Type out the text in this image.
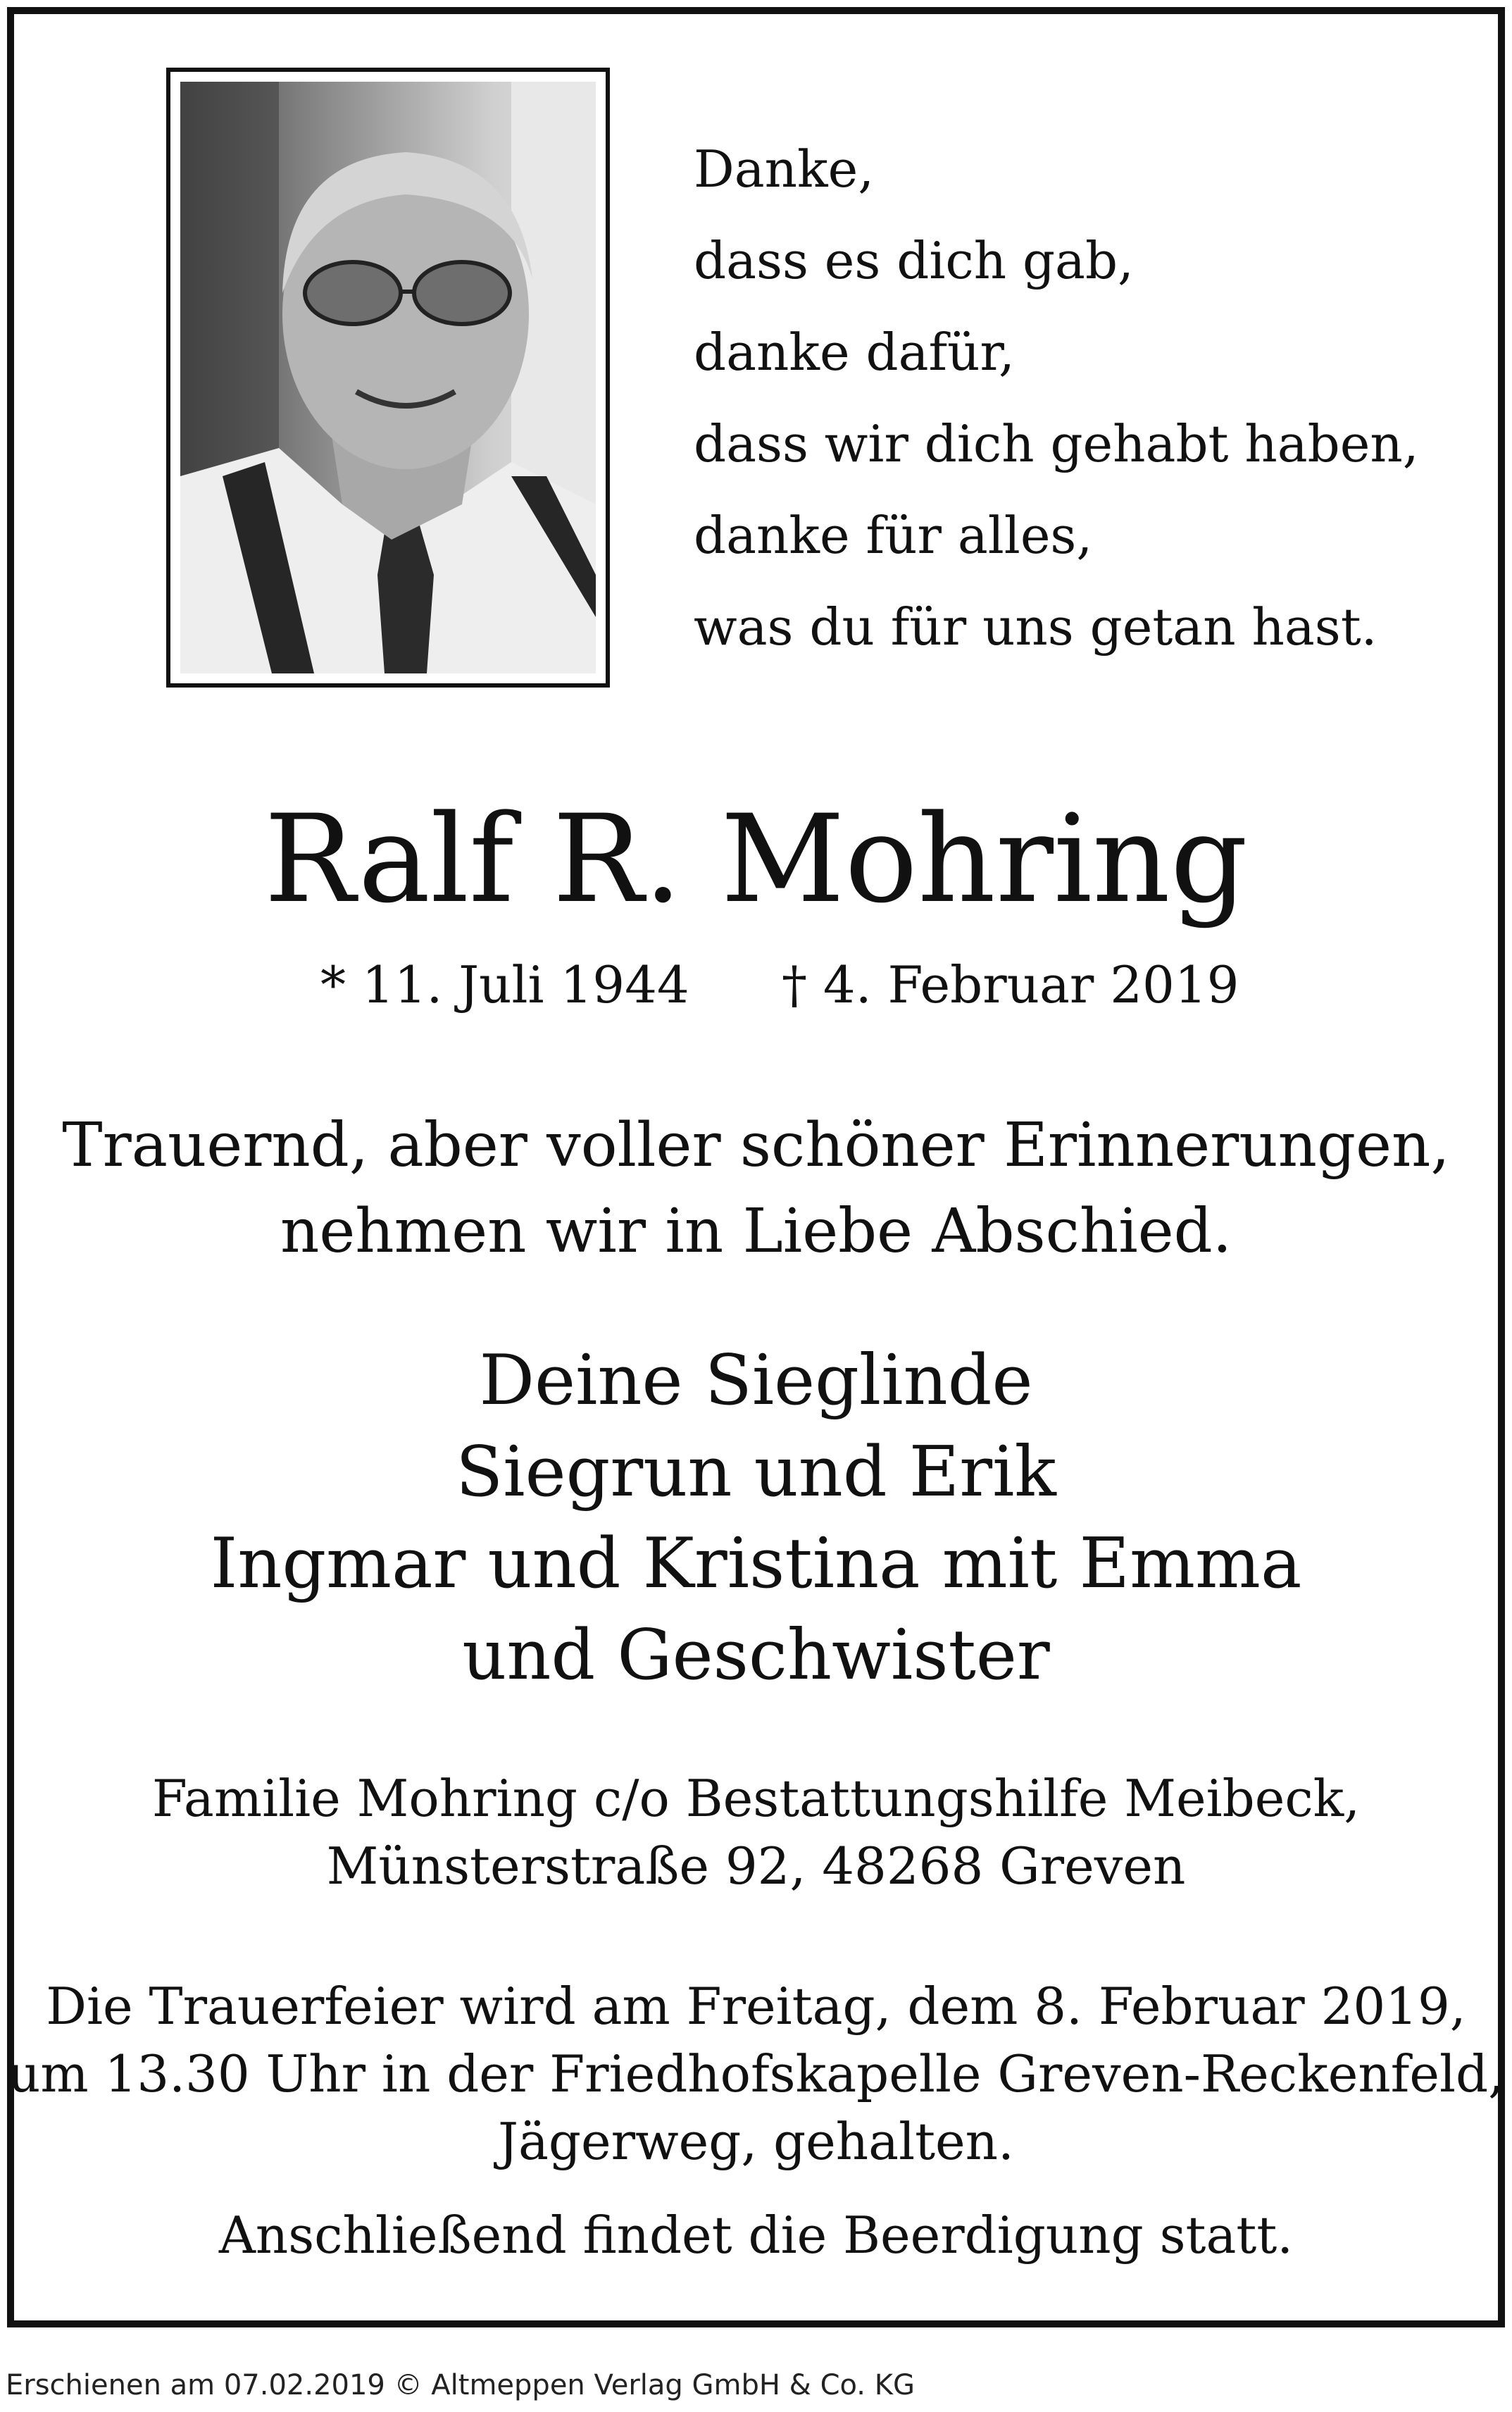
Danke,
dass es dich gab,
danke dafür,
dass wir dich gehabt haben,
danke für alles,
was du für uns getan hast.
Ralf R. Mohring
* 11. Juli 1944 † 4. Februar 2019
Trauernd, aber voller schöner Erinnerungen,
nehmen wir in Liebe Abschied.
Deine Sieglinde
Siegrun und Erik
Ingmar und Kristina mit Emma
und Geschwister
Familie Mohring c/o Bestattungshilfe Meibeck,
Münsterstraße 92, 48268 Greven
Die Trauerfeier wird am Freitag, dem 8. Februar 2019,
um 13.30 Uhr in der Friedhofskapelle Greven-Reckenfeld,
Jägerweg, gehalten.
Anschließend findet die Beerdigung statt.
Erschienen am 07.02.2019 © Altmeppen Verlag GmbH & Co. KG
